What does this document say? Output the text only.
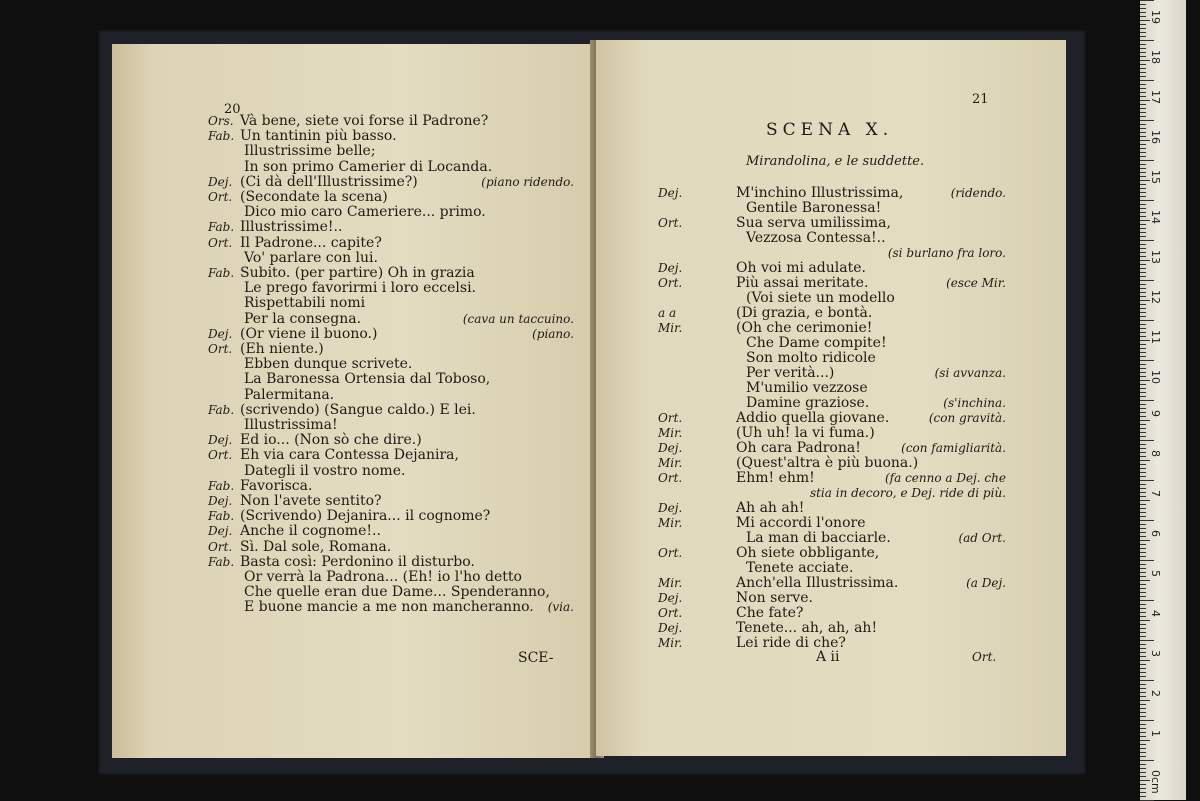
20
Ors. Và bene, siete voi forse il Padrone?
Fab. Un tantinin più basso.
Illustrissime belle;
In son primo Camerier di Locanda.
Dej. (Ci dà dell'Illustrissime?)	(piano ridendo.
Ort. (Secondate la scena)
Dico mio caro Cameriere... primo.
Fab. Illustrissime!..
Ort. Il Padrone... capite?
Vo' parlare con lui.
Fab. Subito. (per partire) Oh in grazia
Le prego favorirmi i loro eccelsi.
Rispettabili nomi
Per la consegna.	(cava un taccuino.
Dej. (Or viene il buono.)	(piano.
Ort. (Eh niente.)
Ebben dunque scrivete.
La Baronessa Ortensia dal Toboso,
Palermitana.
Fab. (scrivendo) (Sangue caldo.) E lei.
Illustrissima!
Dej. Ed io... (Non sò che dire.)
Ort. Eh via cara Contessa Dejanira,
Dategli il vostro nome.
Fab. Favorisca.
Dej. Non l'avete sentito?
Fab. (Scrivendo) Dejanira... il cognome?
Dej. Anche il cognome!..
Ort. Sì. Dal sole, Romana.
Fab. Basta così: Perdonino il disturbo.
Or verrà la Padrona... (Eh! io l'ho detto
Che quelle eran due Dame... Spenderanno,
E buone mancie a me non mancheranno. (via.
SCE-
21
SCENA X.
Mirandolina, e le suddette.
Dej.	M'inchino Illustrissima,	(ridendo.
Gentile Baronessa!
Ort.	Sua serva umilissima,
Vezzosa Contessa!..
(si burlano fra loro.
Dej.	Oh voi mi adulate.
Ort.	Più assai meritate.	(esce Mir.
(Voi siete un modello
a a	(Di grazia, e bontà.
Mir.	(Oh che cerimonie!
Che Dame compite!
Son molto ridicole
Per verità...)	(si avvanza.
M'umilio vezzose
Damine graziose.	(s'inchina.
Ort.	Addio quella giovane.	(con gravità.
Mir.	(Uh uh! la vi fuma.)
Dej.	Oh cara Padrona!	(con famigliarità.
Mir.	(Quest'altra è più buona.)
Ort.	Ehm! ehm!	(fa cenno a Dej. che
stia in decoro, e Dej. ride di più.
Dej.	Ah ah ah!
Mir.	Mi accordi l'onore
La man di bacciarle.	(ad Ort.
Ort.	Oh siete obbligante,
Tenete acciate.
Mir.	Anch'ella Illustrissima.	(a Dej.
Dej.	Non serve.
Ort.	Che fate?
Dej.	Tenete... ah, ah, ah!
Mir.	Lei ride di che?
A ii	Ort.
19
18
17
16
15
14
13
12
11
10
9
8
7
6
5
4
3
2
1
0cm
